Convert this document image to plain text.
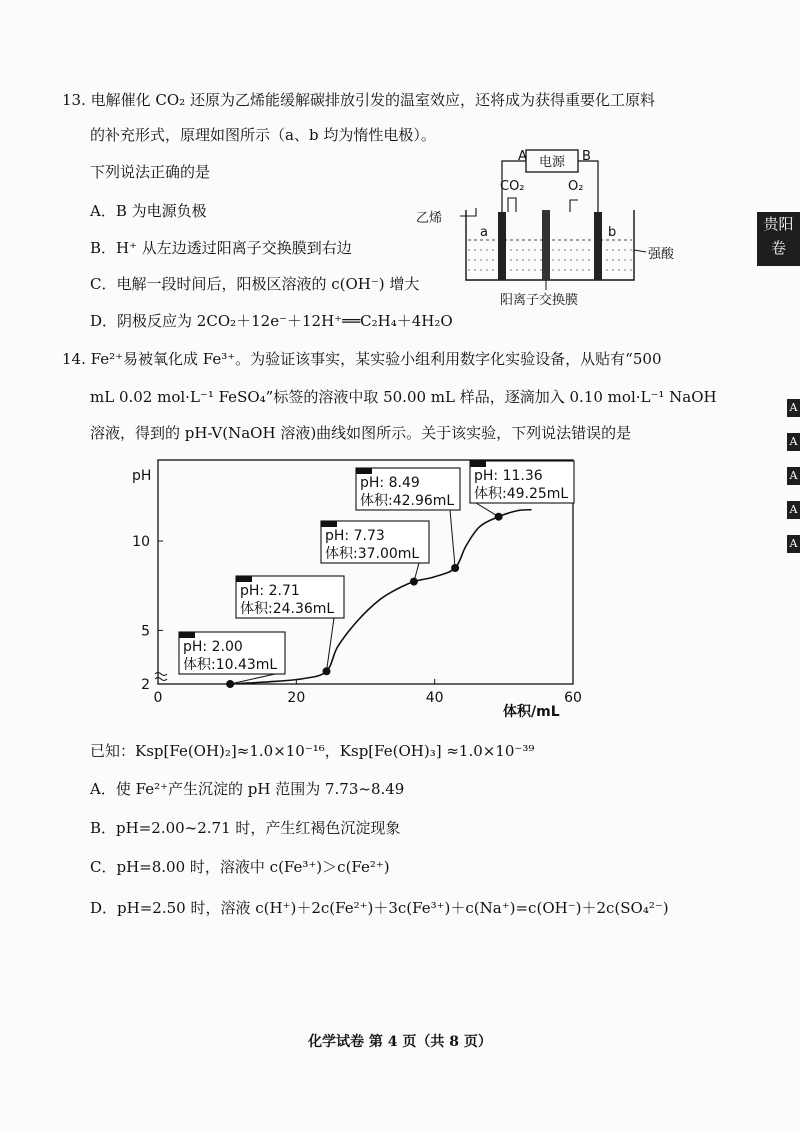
13. 电解催化 CO₂ 还原为乙烯能缓解碳排放引发的温室效应，还将成为获得重要化工原料
的补充形式，原理如图所示（a、b 均为惰性电极）。
下列说法正确的是
A．B 为电源负极
B．H⁺ 从左边透过阳离子交换膜到右边
C．电解一段时间后，阳极区溶液的 c(OH⁻) 增大
D．阴极反应为 2CO₂＋12e⁻＋12H⁺══C₂H₄＋4H₂O
电源
A	B
CO₂	O₂
乙烯
a	b
强酸
阳离子交换膜
14. Fe²⁺易被氧化成 Fe³⁺。为验证该事实，某实验小组利用数字化实验设备，从贴有“500
mL 0.02 mol·L⁻¹ FeSO₄”标签的溶液中取 50.00 mL 样品，逐滴加入 0.10 mol·L⁻¹ NaOH
溶液，得到的 pH-V(NaOH 溶液)曲线如图所示。关于该实验，下列说法错误的是
pH
体积/mL
2
5
10
0	20	40	60
pH: 2.00
体积:10.43mL
pH: 2.71
体积:24.36mL
pH: 7.73
体积:37.00mL
pH: 8.49
体积:42.96mL
pH: 11.36
体积:49.25mL
已知：Ksp[Fe(OH)₂]≈1.0×10⁻¹⁶，Ksp[Fe(OH)₃] ≈1.0×10⁻³⁹
A．使 Fe²⁺产生沉淀的 pH 范围为 7.73~8.49
B．pH=2.00~2.71 时，产生红褐色沉淀现象
C．pH=8.00 时，溶液中 c(Fe³⁺)＞c(Fe²⁺)
D．pH=2.50 时，溶液 c(H⁺)＋2c(Fe²⁺)＋3c(Fe³⁺)＋c(Na⁺)=c(OH⁻)＋2c(SO₄²⁻)
化学试卷 第 4 页（共 8 页）
贵阳卷
A
A
A
A
A
